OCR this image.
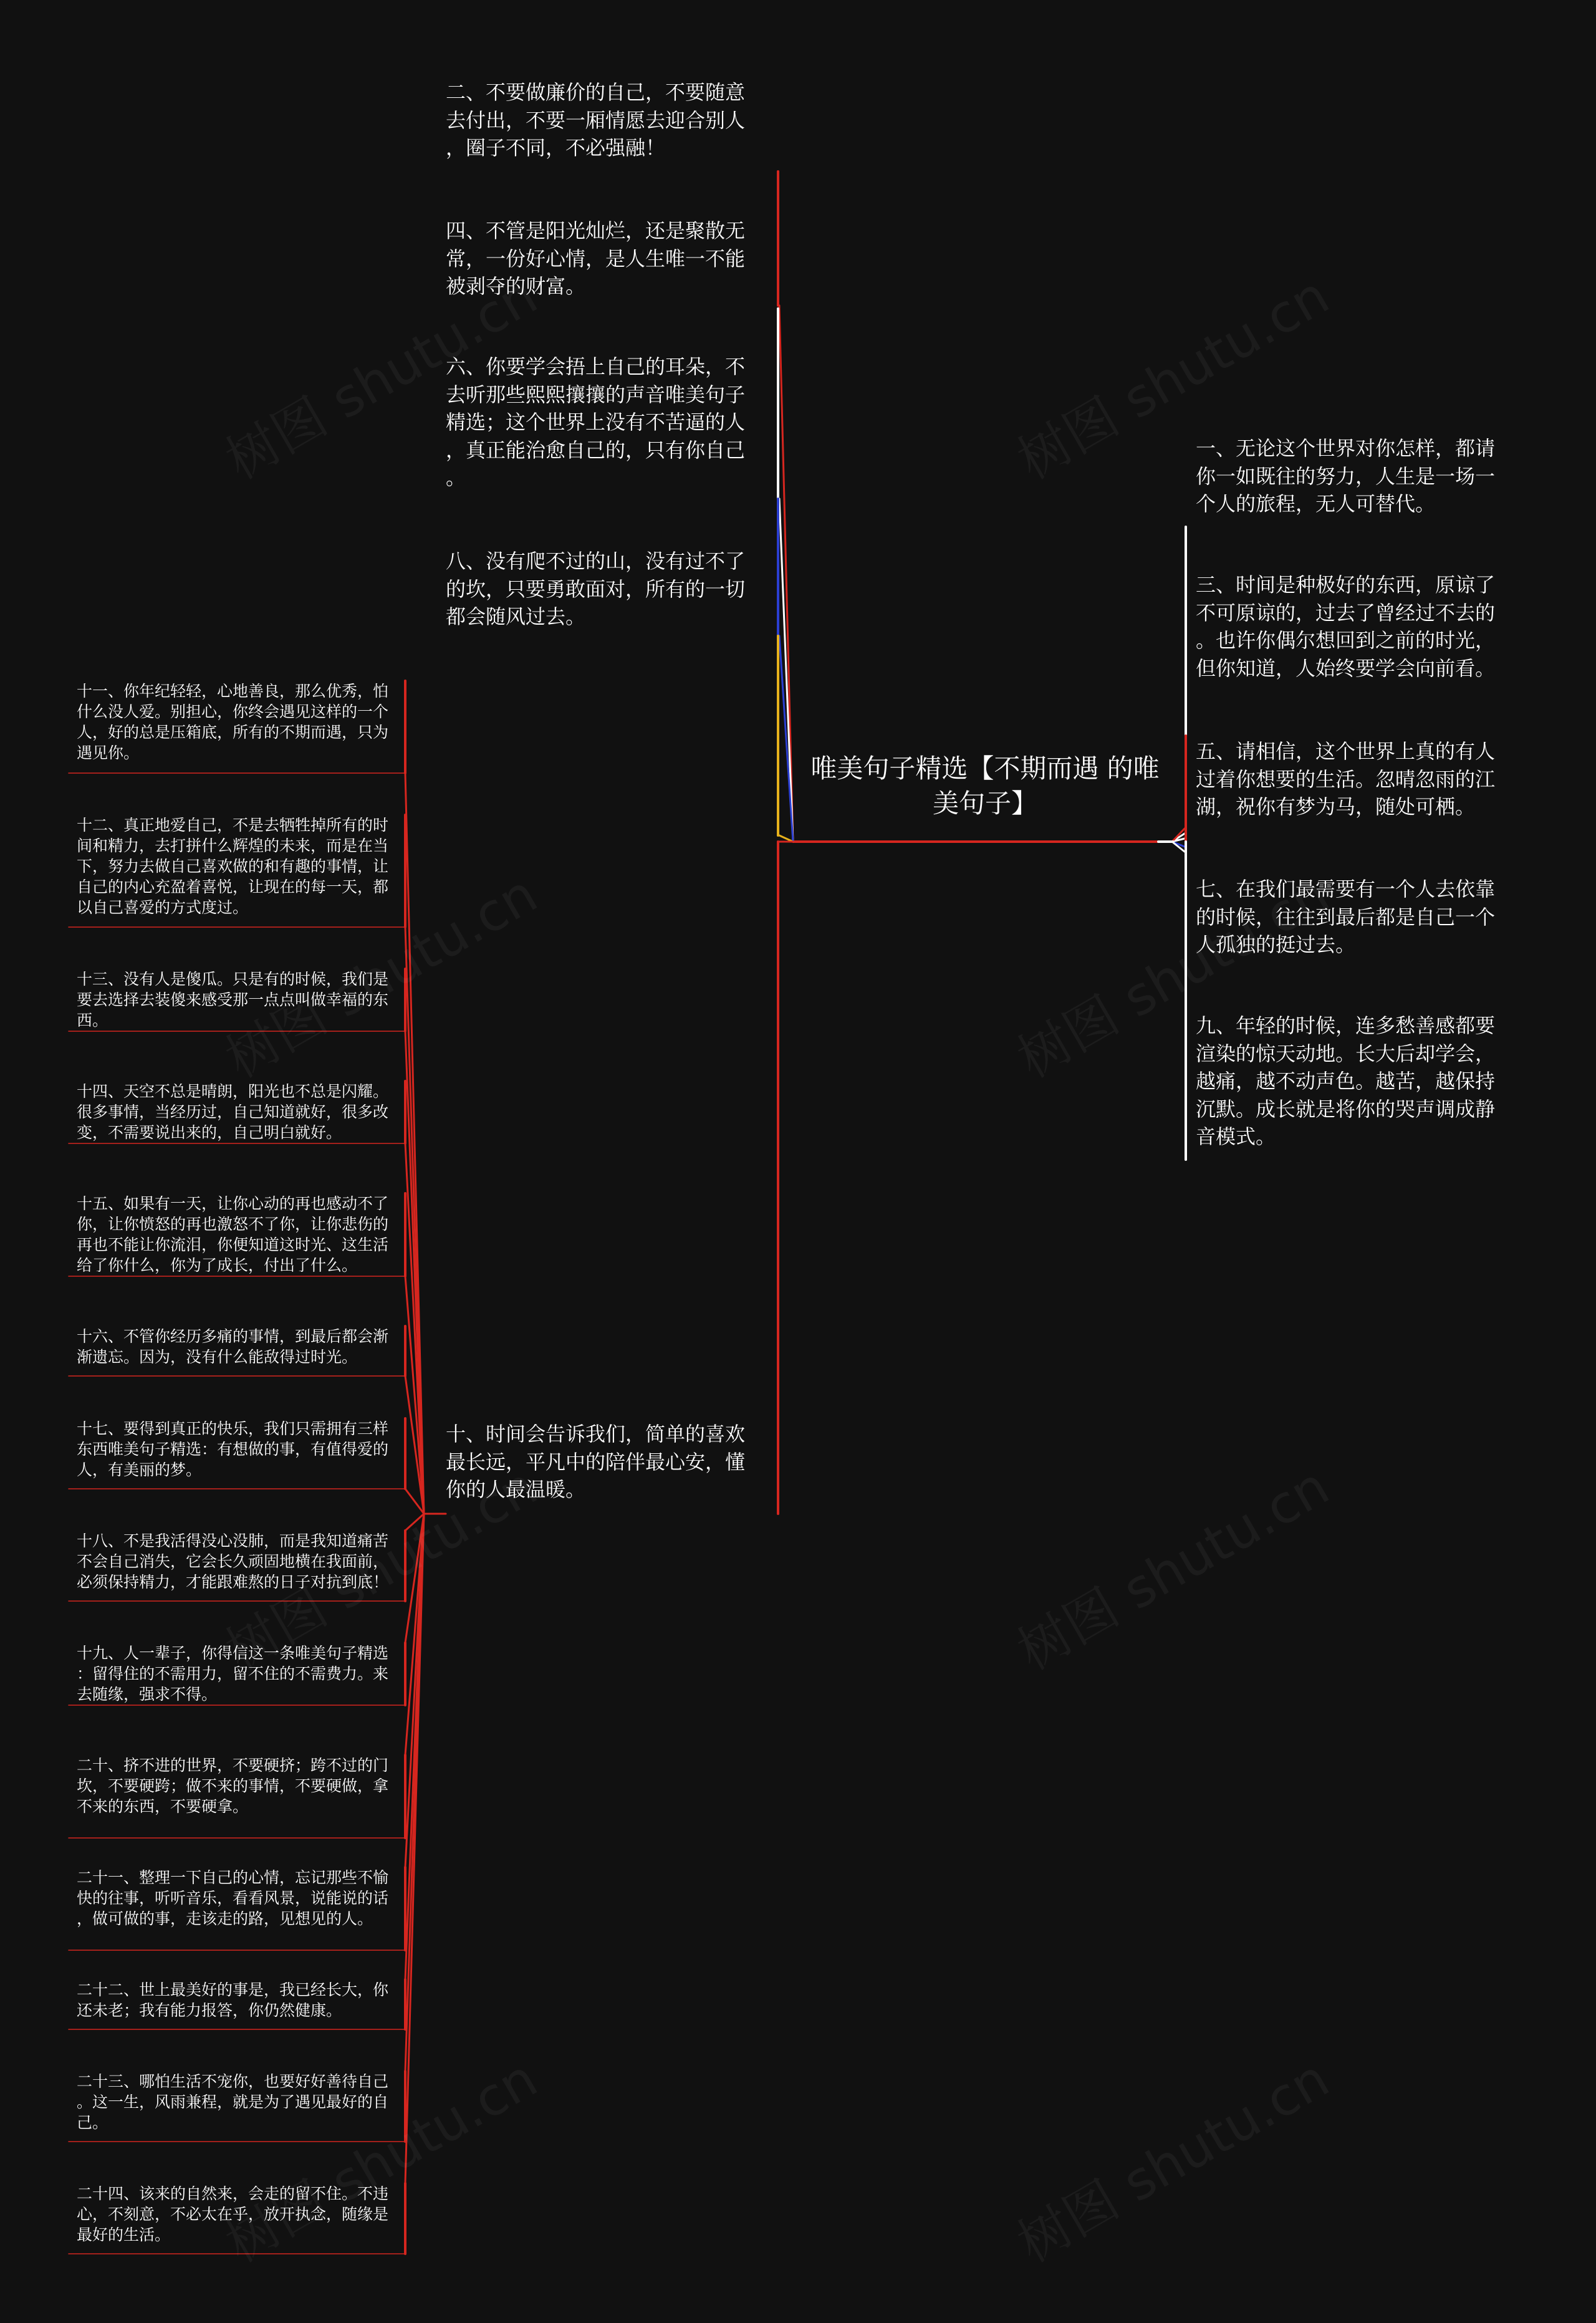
唯美句子精选【不期而遇 的唯美句子】

二、不要做廉价的自己，不要随意
去付出，不要一厢情愿去迎合别人
，圈子不同，不必强融！

四、不管是阳光灿烂，还是聚散无
常，一份好心情，是人生唯一不能
被剥夺的财富。

六、你要学会捂上自己的耳朵，不
去听那些熙熙攘攘的声音唯美句子
精选；这个世界上没有不苦逼的人
，真正能治愈自己的，只有你自己
。

八、没有爬不过的山，没有过不了
的坎，只要勇敢面对，所有的一切
都会随风过去。

十、时间会告诉我们，简单的喜欢
最长远，平凡中的陪伴最心安，懂
你的人最温暖。

一、无论这个世界对你怎样，都请
你一如既往的努力，人生是一场一
个人的旅程，无人可替代。

三、时间是种极好的东西，原谅了
不可原谅的，过去了曾经过不去的
。也许你偶尔想回到之前的时光，
但你知道，人始终要学会向前看。

五、请相信，这个世界上真的有人
过着你想要的生活。忽晴忽雨的江
湖，祝你有梦为马，随处可栖。

七、在我们最需要有一个人去依靠
的时候，往往到最后都是自己一个
人孤独的挺过去。

九、年轻的时候，连多愁善感都要
渲染的惊天动地。长大后却学会，
越痛，越不动声色。越苦，越保持
沉默。成长就是将你的哭声调成静
音模式。

十一、你年纪轻轻，心地善良，那么优秀，怕
什么没人爱。别担心，你终会遇见这样的一个
人，好的总是压箱底，所有的不期而遇，只为
遇见你。

十二、真正地爱自己，不是去牺牲掉所有的时
间和精力，去打拼什么辉煌的未来，而是在当
下，努力去做自己喜欢做的和有趣的事情，让
自己的内心充盈着喜悦，让现在的每一天，都
以自己喜爱的方式度过。

十三、没有人是傻瓜。只是有的时候，我们是
要去选择去装傻来感受那一点点叫做幸福的东
西。

十四、天空不总是晴朗，阳光也不总是闪耀。
很多事情，当经历过，自己知道就好，很多改
变，不需要说出来的，自己明白就好。

十五、如果有一天，让你心动的再也感动不了
你，让你愤怒的再也激怒不了你，让你悲伤的
再也不能让你流泪，你便知道这时光、这生活
给了你什么，你为了成长，付出了什么。

十六、不管你经历多痛的事情，到最后都会渐
渐遗忘。因为，没有什么能敌得过时光。

十七、要得到真正的快乐，我们只需拥有三样
东西唯美句子精选：有想做的事，有值得爱的
人，有美丽的梦。

十八、不是我活得没心没肺，而是我知道痛苦
不会自己消失，它会长久顽固地横在我面前，
必须保持精力，才能跟难熬的日子对抗到底！

十九、人一辈子，你得信这一条唯美句子精选
：留得住的不需用力，留不住的不需费力。来
去随缘，强求不得。

二十、挤不进的世界，不要硬挤；跨不过的门
坎，不要硬跨；做不来的事情，不要硬做，拿
不来的东西，不要硬拿。

二十一、整理一下自己的心情，忘记那些不愉
快的往事，听听音乐，看看风景，说能说的话
，做可做的事，走该走的路，见想见的人。

二十二、世上最美好的事是，我已经长大，你
还未老；我有能力报答，你仍然健康。

二十三、哪怕生活不宠你，也要好好善待自己
。这一生，风雨兼程，就是为了遇见最好的自
己。

二十四、该来的自然来，会走的留不住。不违
心，不刻意，不必太在乎，放开执念，随缘是
最好的生活。
